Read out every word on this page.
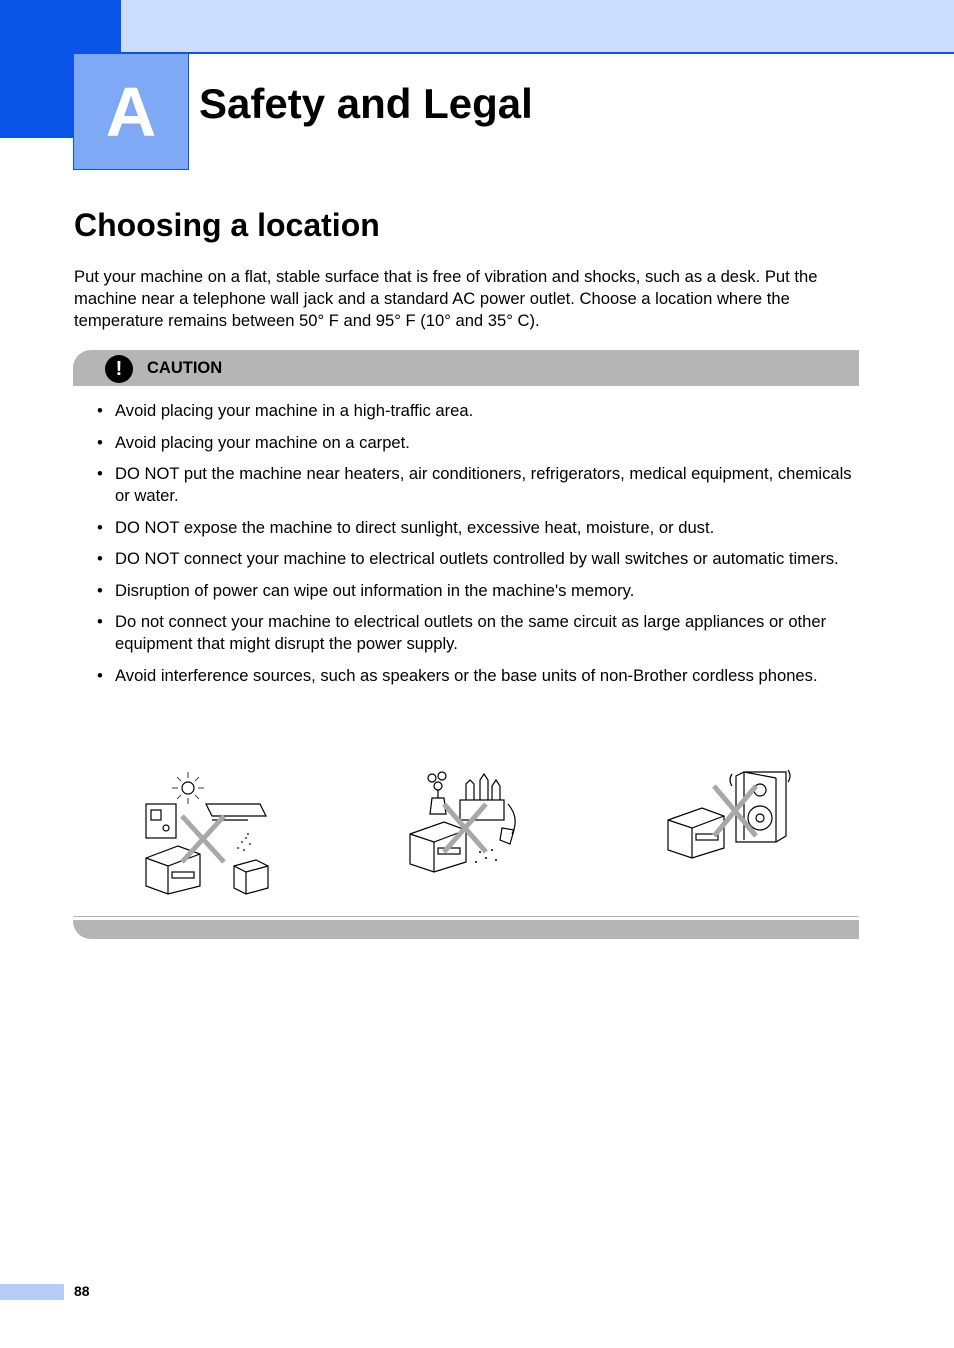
A Safety and Legal
Choosing a location

Put your machine on a flat, stable surface that is free of vibration and shocks, such as a desk. Put the machine near a telephone wall jack and a standard AC power outlet. Choose a location where the temperature remains between 50° F and 95° F (10° and 35° C).

!	CAUTION
• Avoid placing your machine in a high-traffic area.
• Avoid placing your machine on a carpet.
• DO NOT put the machine near heaters, air conditioners, refrigerators, medical equipment, chemicals or water.
• DO NOT expose the machine to direct sunlight, excessive heat, moisture, or dust.
• DO NOT connect your machine to electrical outlets controlled by wall switches or automatic timers.
• Disruption of power can wipe out information in the machine's memory.
• Do not connect your machine to electrical outlets on the same circuit as large appliances or other equipment that might disrupt the power supply.
• Avoid interference sources, such as speakers or the base units of non-Brother cordless phones.
88
